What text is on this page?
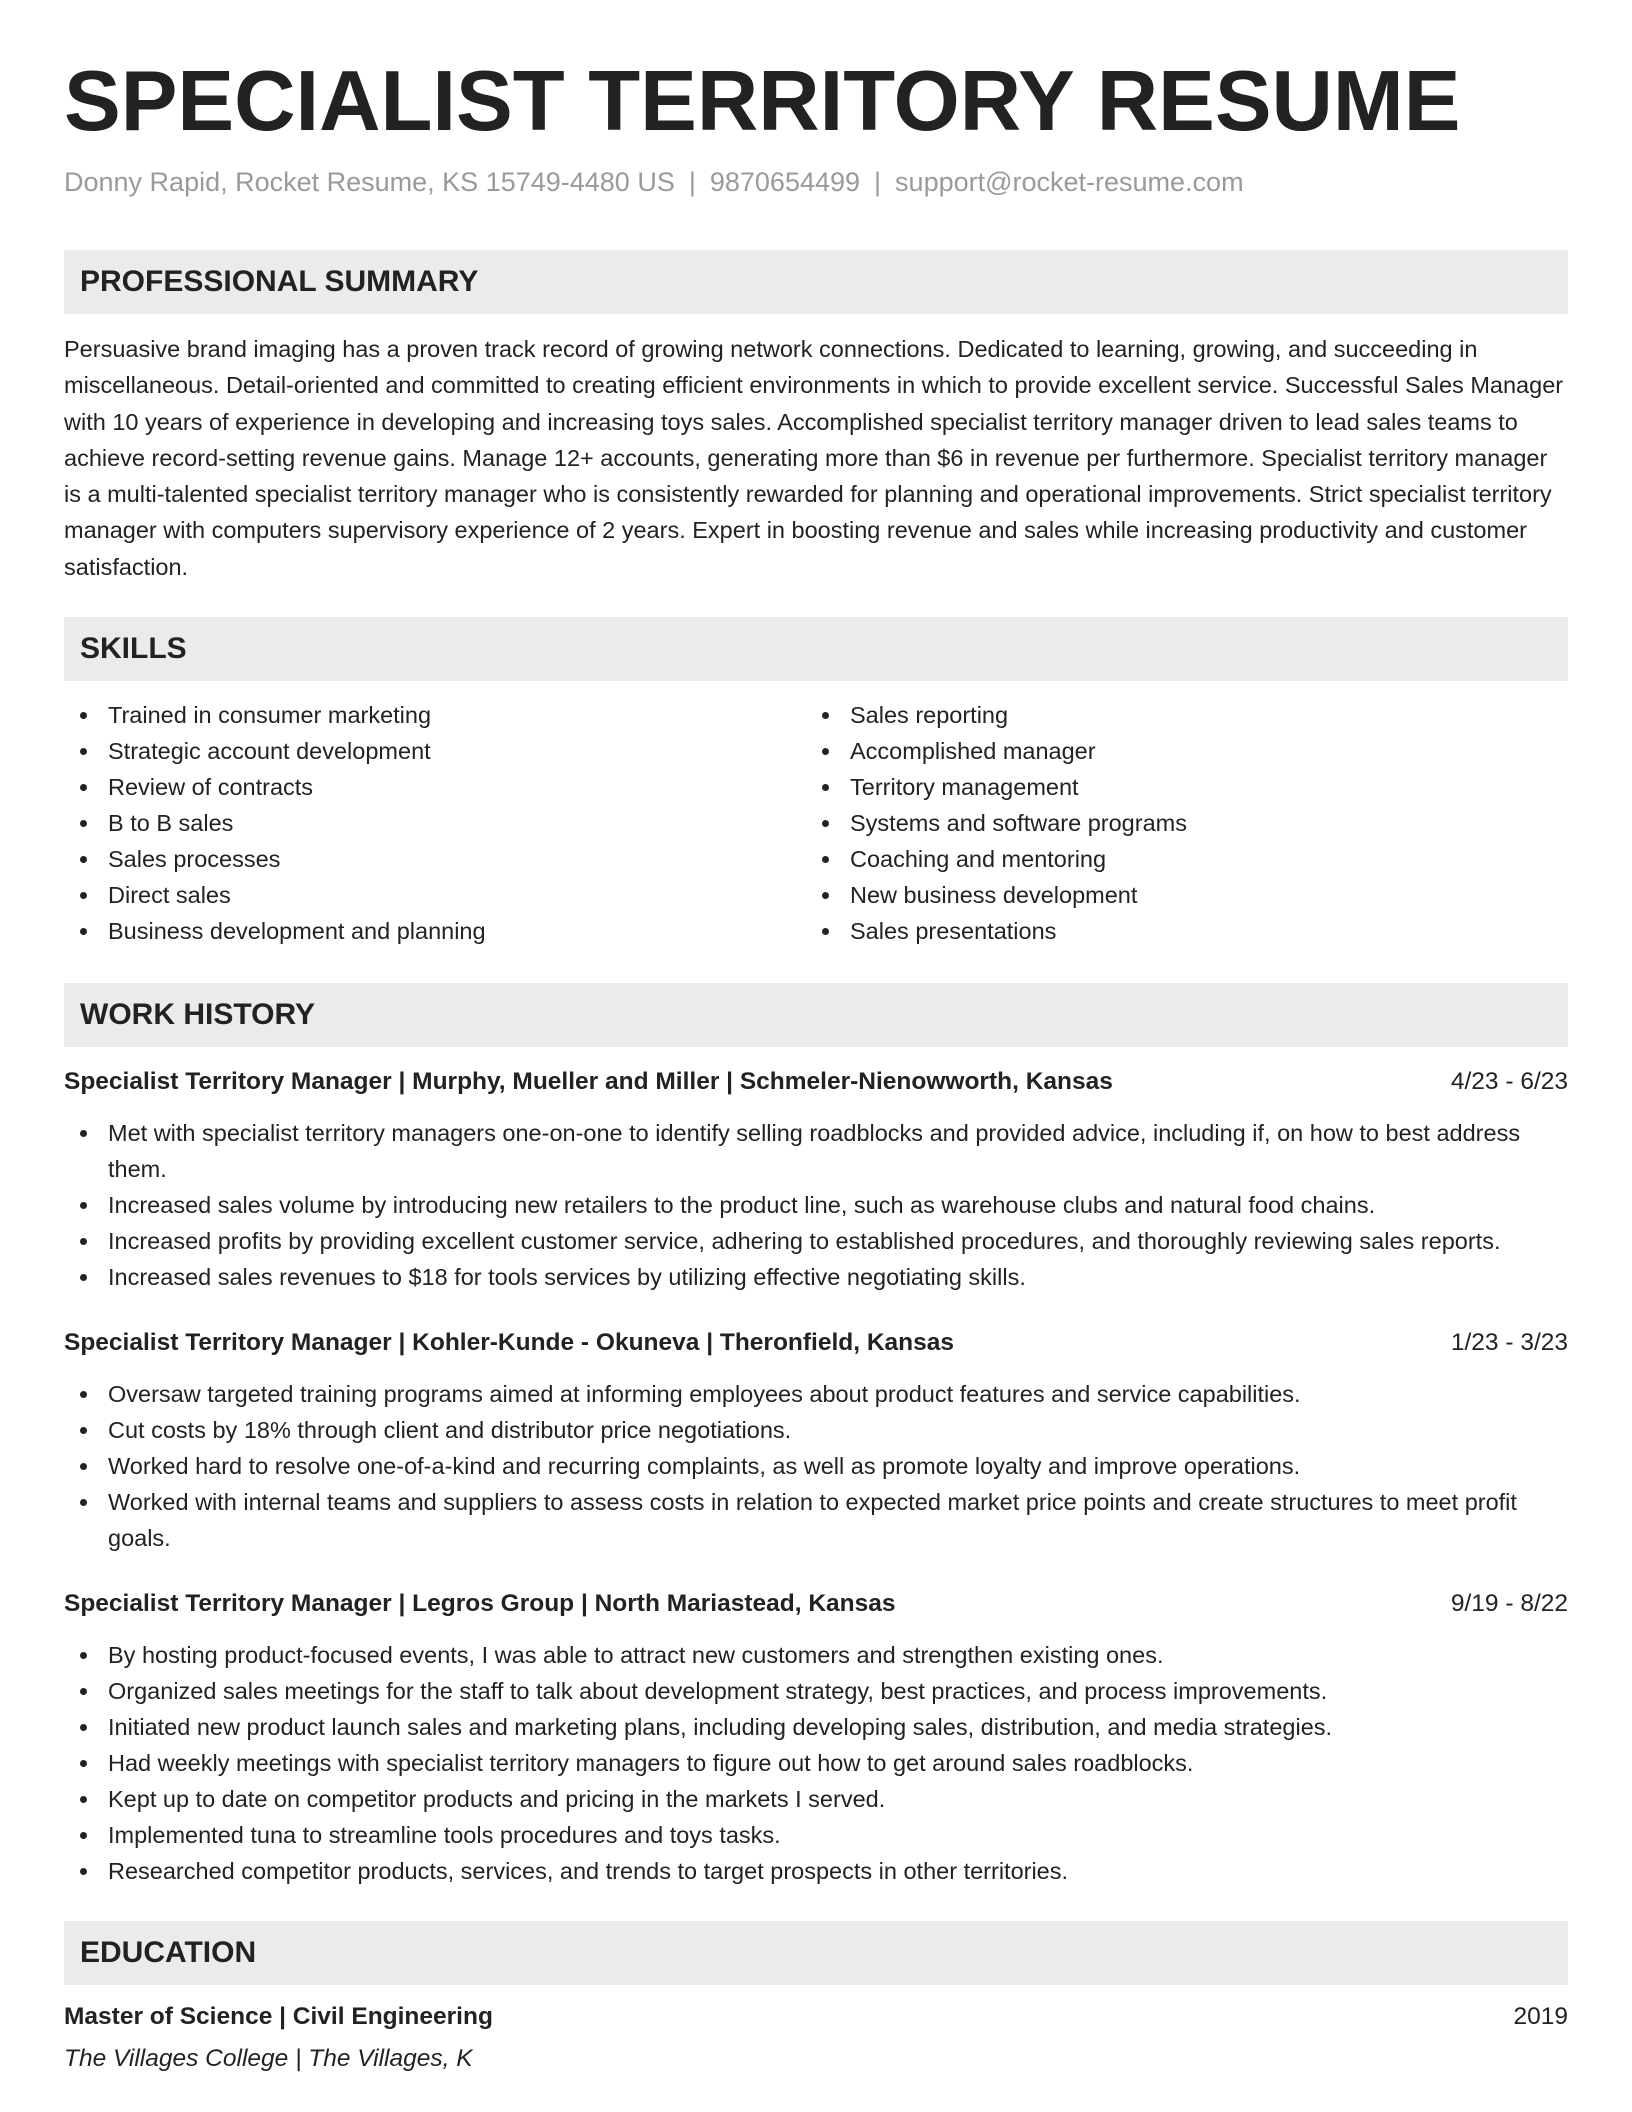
SPECIALIST TERRITORY RESUME
Donny Rapid, Rocket Resume, KS 15749-4480 US | 9870654499 | support@rocket-resume.com
PROFESSIONAL SUMMARY
Persuasive brand imaging has a proven track record of growing network connections. Dedicated to learning, growing, and succeeding in miscellaneous. Detail-oriented and committed to creating efficient environments in which to provide excellent service. Successful Sales Manager with 10 years of experience in developing and increasing toys sales. Accomplished specialist territory manager driven to lead sales teams to achieve record-setting revenue gains. Manage 12+ accounts, generating more than $6 in revenue per furthermore. Specialist territory manager is a multi-talented specialist territory manager who is consistently rewarded for planning and operational improvements. Strict specialist territory manager with computers supervisory experience of 2 years. Expert in boosting revenue and sales while increasing productivity and customer satisfaction.
SKILLS
Trained in consumer marketing
Strategic account development
Review of contracts
B to B sales
Sales processes
Direct sales
Business development and planning
Sales reporting
Accomplished manager
Territory management
Systems and software programs
Coaching and mentoring
New business development
Sales presentations
WORK HISTORY
Specialist Territory Manager | Murphy, Mueller and Miller | Schmeler-Nienowworth, Kansas	4/23 - 6/23
Met with specialist territory managers one-on-one to identify selling roadblocks and provided advice, including if, on how to best address them.
Increased sales volume by introducing new retailers to the product line, such as warehouse clubs and natural food chains.
Increased profits by providing excellent customer service, adhering to established procedures, and thoroughly reviewing sales reports.
Increased sales revenues to $18 for tools services by utilizing effective negotiating skills.
Specialist Territory Manager | Kohler-Kunde - Okuneva | Theronfield, Kansas	1/23 - 3/23
Oversaw targeted training programs aimed at informing employees about product features and service capabilities.
Cut costs by 18% through client and distributor price negotiations.
Worked hard to resolve one-of-a-kind and recurring complaints, as well as promote loyalty and improve operations.
Worked with internal teams and suppliers to assess costs in relation to expected market price points and create structures to meet profit goals.
Specialist Territory Manager | Legros Group | North Mariastead, Kansas	9/19 - 8/22
By hosting product-focused events, I was able to attract new customers and strengthen existing ones.
Organized sales meetings for the staff to talk about development strategy, best practices, and process improvements.
Initiated new product launch sales and marketing plans, including developing sales, distribution, and media strategies.
Had weekly meetings with specialist territory managers to figure out how to get around sales roadblocks.
Kept up to date on competitor products and pricing in the markets I served.
Implemented tuna to streamline tools procedures and toys tasks.
Researched competitor products, services, and trends to target prospects in other territories.
EDUCATION
Master of Science | Civil Engineering	2019
The Villages College | The Villages, K
